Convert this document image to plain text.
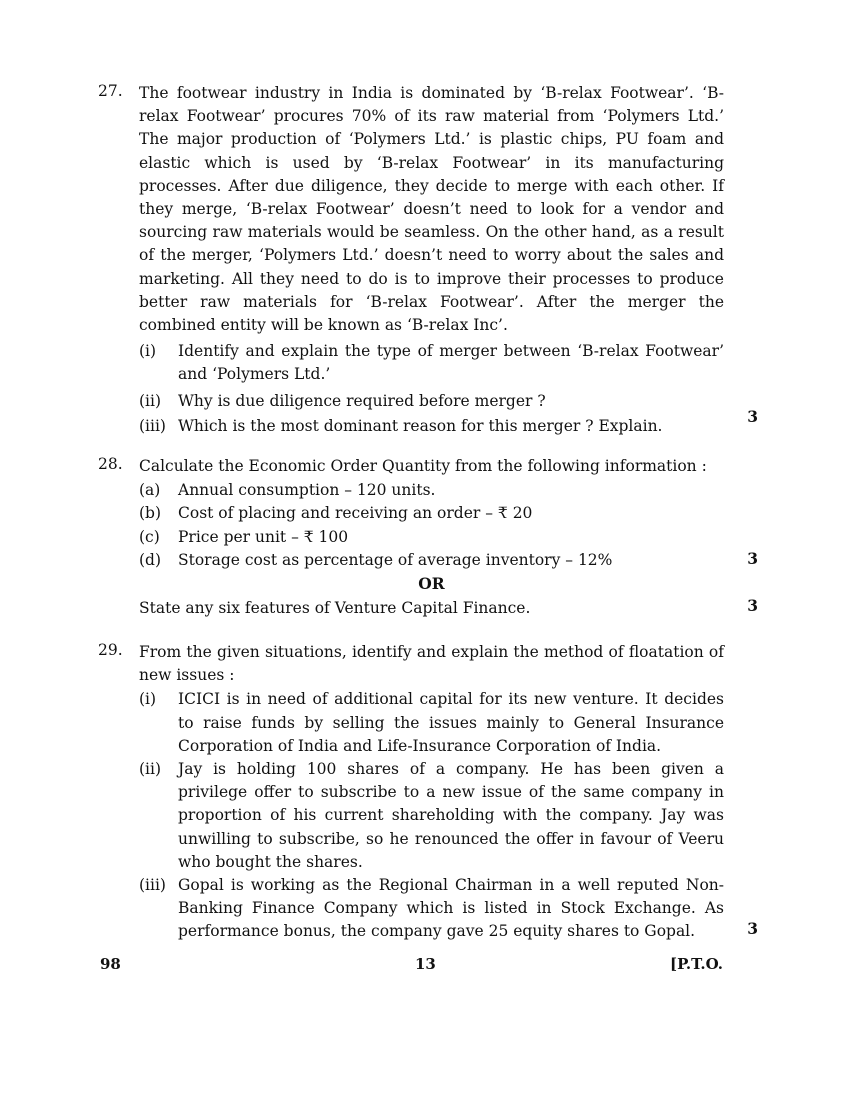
27.	The footwear industry in India is dominated by ‘B-relax Footwear’. ‘B-relax Footwear’ procures 70% of its raw material from ‘Polymers Ltd.’ The major production of ‘Polymers Ltd.’ is plastic chips, PU foam and elastic which is used by ‘B-relax Footwear’ in its manufacturing processes. After due diligence, they decide to merge with each other. If they merge, ‘B-relax Footwear’ doesn’t need to look for a vendor and sourcing raw materials would be seamless. On the other hand, as a result of the merger, ‘Polymers Ltd.’ doesn’t need to worry about the sales and marketing. All they need to do is to improve their processes to produce better raw materials for ‘B-relax Footwear’. After the merger the combined entity will be known as ‘B-relax Inc’.
(i)	Identify and explain the type of merger between ‘B-relax Footwear’ and ‘Polymers Ltd.’
(ii)	Why is due diligence required before merger ?
(iii) Which is the most dominant reason for this merger ? Explain.	3
28.	Calculate the Economic Order Quantity from the following information :
(a)	Annual consumption – 120 units.
(b)	Cost of placing and receiving an order – ₹ 20
(c)	Price per unit – ₹ 100
(d)	Storage cost as percentage of average inventory – 12%	3
OR
State any six features of Venture Capital Finance.	3
29.	From the given situations, identify and explain the method of floatation of new issues :
(i)	ICICI is in need of additional capital for its new venture. It decides to raise funds by selling the issues mainly to General Insurance Corporation of India and Life-Insurance Corporation of India.
(ii)	Jay is holding 100 shares of a company. He has been given a privilege offer to subscribe to a new issue of the same company in proportion of his current shareholding with the company. Jay was unwilling to subscribe, so he renounced the offer in favour of Veeru who bought the shares.
(iii) Gopal is working as the Regional Chairman in a well reputed Non-Banking Finance Company which is listed in Stock Exchange. As performance bonus, the company gave 25 equity shares to Gopal.	3
98	13	[P.T.O.
